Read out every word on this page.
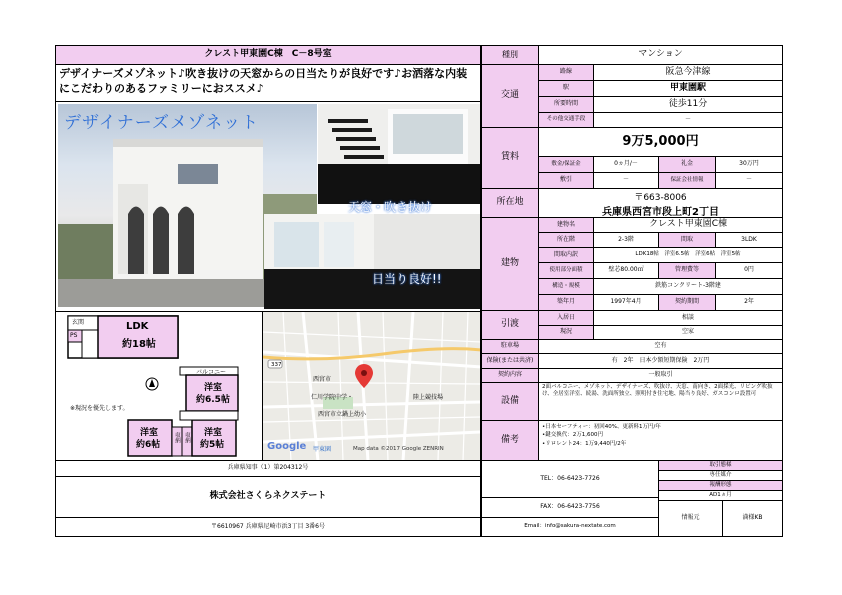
クレスト甲東園C棟　C－8号室
デザイナーズメゾネット♪吹き抜けの天窓からの日当たりが良好です♪お洒落な内装にこだわりのあるファミリーにおススメ♪
デザイナーズメゾネット
天窓・吹き抜け
日当り良好!!
玄関
PS
LDK
約18帖
バルコニー
洋室
約6.5帖
洋室
約6帖
洋室
約5帖
収納 収納
※現況を優先します。
337
西宮市
仁川学院中学・	陸上競技場
西宮市立鍋上幼小
甲東園
Google	Map data ©2017 Google ZENRIN
種別	マンション
交通
路線	阪急今津線
駅	甲東園駅
所要時間	徒歩11分
その他交通手段	－
賃料
9万5,000円
敷金/保証金	0ヵ月/－	礼金	30万円
敷引	－	保証会社情報	－
所在地	〒663-8006
兵庫県西宮市段上町2丁目
建物
建物名	クレスト甲東園C棟
所在階	2-3階	間取	3LDK
間取内訳	LDK18帖　洋室6.5帖　洋室6帖　洋室5帖
使用部分面積	壁芯80.00㎡	管理費等	0円
構造・規模	鉄筋コンクリート-3階建
築年月	1997年4月	契約期間	2年
引渡
入居日	相談
現況	空家
駐車場	空有
保険(または共済)	有　2年　日本少額短期保険　2万円
契約内容	一般取引
設備
2面バルコニー、メゾネット、デザイナーズ、吹抜け、天窓、南向き、2面採光、リビング吹抜け、全居室洋室、続湯、洗面所独立、照明付き住宅地、陽当り良好、ガスコンロ設置可
備考
•日本セーフティー：初回40%、更新料1万円/年
•鍵交換代：2万1,600円
•リロレント24：1万9,440円/2年
兵庫県知事（1）第204312号
株式会社さくらネクステート
〒6610967 兵庫県尼崎市浜3丁目 3番6号
TEL：06-6423-7726
FAX：06-6423-7756
Email：info@sakura-nextate.com
取引態様
専任媒介
報酬形態
AD1ヵ月
情報元	満様KB
